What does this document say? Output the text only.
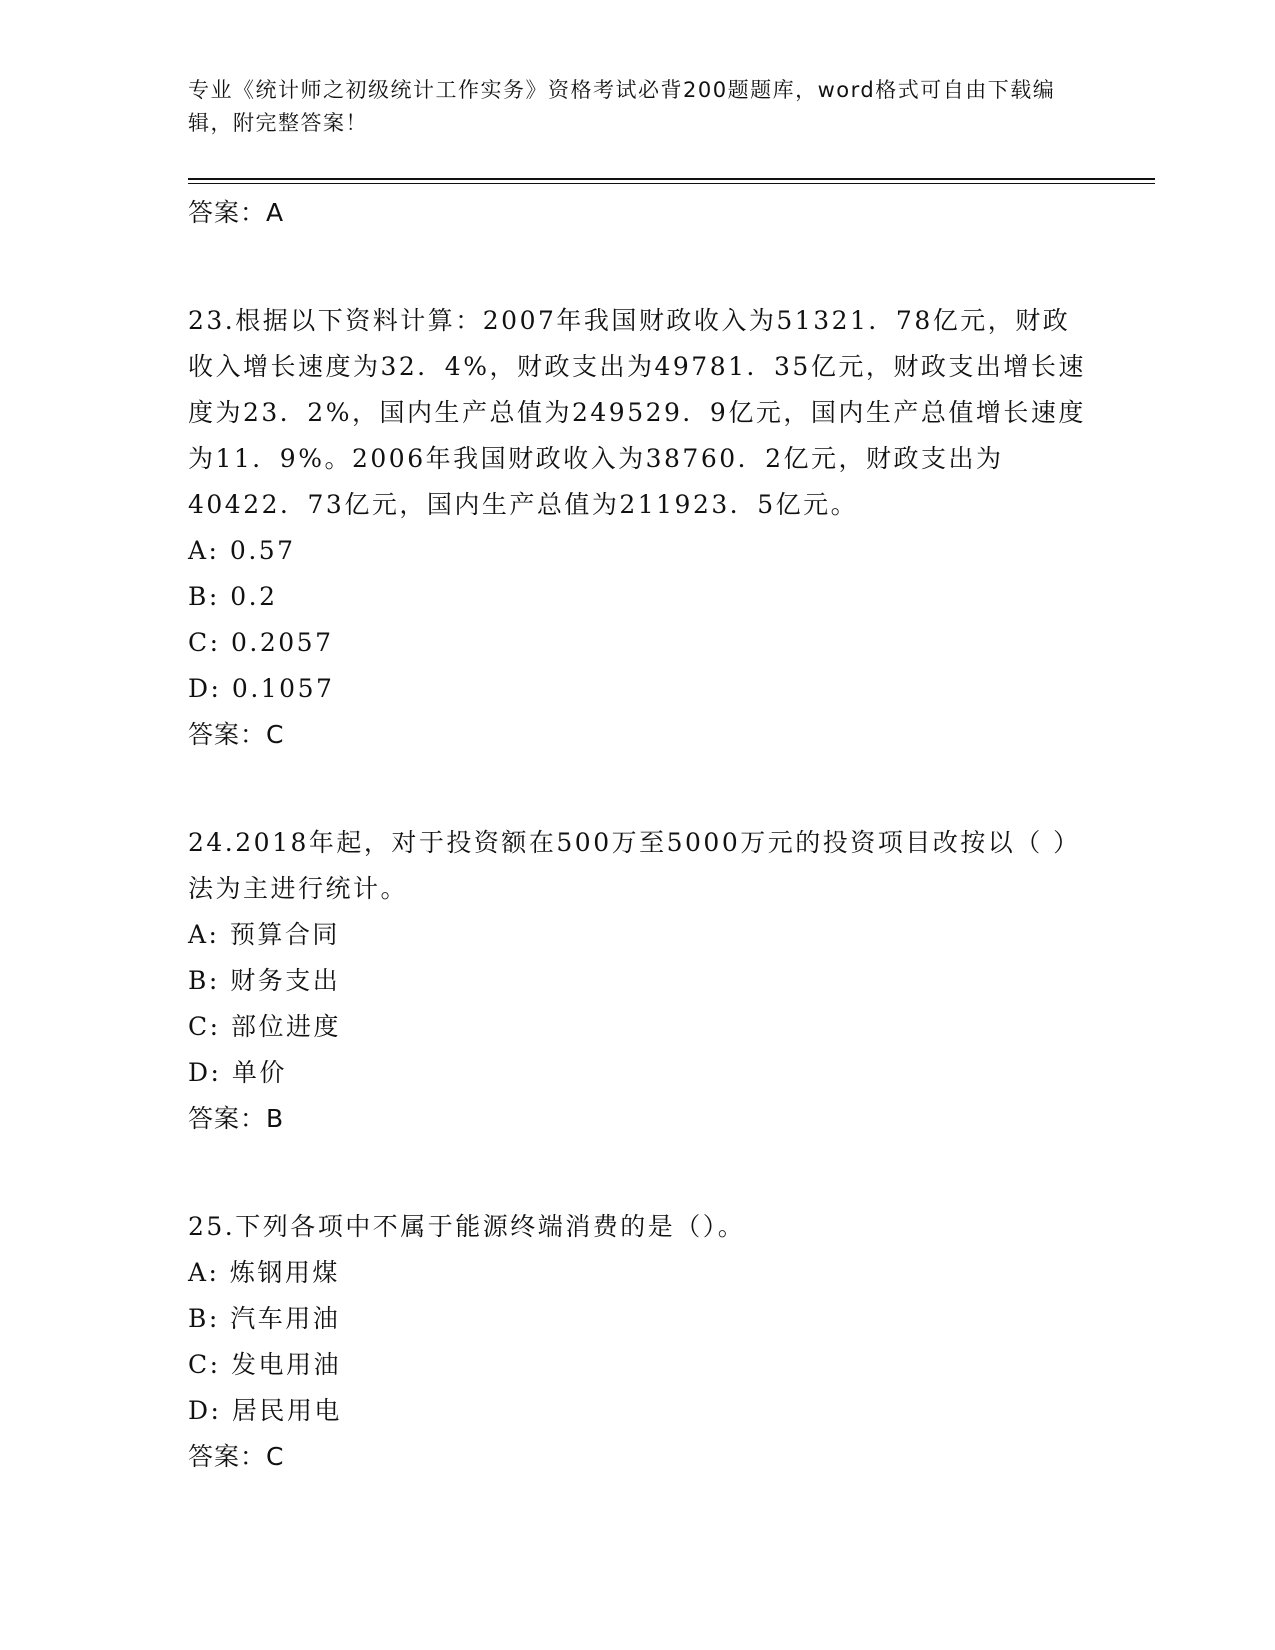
专业《统计师之初级统计工作实务》资格考试必背200题题库，word格式可自由下载编辑，附完整答案！
答案：A
23.根据以下资料计算：2007年我国财政收入为51321．78亿元，财政收入增长速度为32．4%，财政支出为49781．35亿元，财政支出增长速度为23．2%，国内生产总值为249529．9亿元，国内生产总值增长速度为11．9%。2006年我国财政收入为38760．2亿元，财政支出为40422．73亿元，国内生产总值为211923．5亿元。
A: 0.57
B: 0.2
C: 0.2057
D: 0.1057
答案：C
24.2018年起，对于投资额在500万至5000万元的投资项目改按以（ ）法为主进行统计。
A: 预算合同
B: 财务支出
C: 部位进度
D: 单价
答案：B
25.下列各项中不属于能源终端消费的是（）。
A: 炼钢用煤
B: 汽车用油
C: 发电用油
D: 居民用电
答案：C
